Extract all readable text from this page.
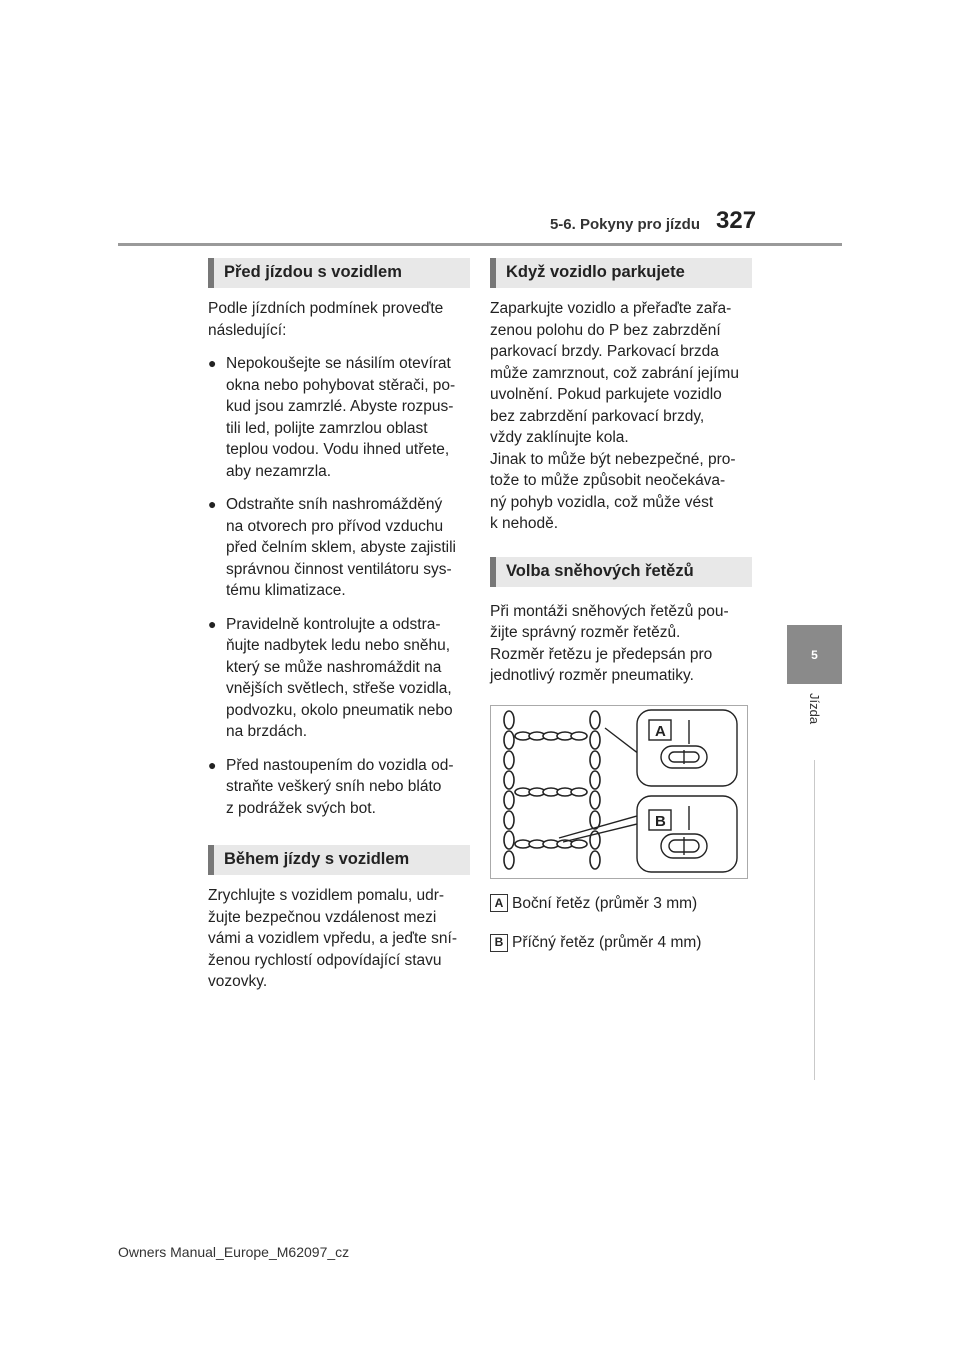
5-6. Pokyny pro jízdu 327
5
Jízda
Před jízdou s vozidlem

Podle jízdních podmínek proveďte
následující:

● Nepokoušejte se násilím otevírat
okna nebo pohybovat stěrači, po-
kud jsou zamrzlé. Abyste rozpus-
tili led, polijte zamrzlou oblast
teplou vodou. Vodu ihned utřete,
aby nezamrzla.
● Odstraňte sníh nashromážděný
na otvorech pro přívod vzduchu
před čelním sklem, abyste zajistili
správnou činnost ventilátoru sys-
tému klimatizace.
● Pravidelně kontrolujte a odstra-
ňujte nadbytek ledu nebo sněhu,
který se může nashromáždit na
vnějších světlech, střeše vozidla,
podvozku, okolo pneumatik nebo
na brzdách.
● Před nastoupením do vozidla od-
straňte veškerý sníh nebo bláto
z podrážek svých bot.
Během jízdy s vozidlem

Zrychlujte s vozidlem pomalu, udr-
žujte bezpečnou vzdálenost mezi
vámi a vozidlem vpředu, a jeďte sní-
ženou rychlostí odpovídající stavu
vozovky.

Když vozidlo parkujete

Zaparkujte vozidlo a přeřaďte zařa-
zenou polohu do P bez zabrzdění
parkovací brzdy. Parkovací brzda
může zamrznout, což zabrání jejímu
uvolnění. Pokud parkujete vozidlo
bez zabrzdění parkovací brzdy,
vždy zaklínujte kola.
Jinak to může být nebezpečné, pro-
tože to může způsobit neočekáva-
ný pohyb vozidla, což může vést
k nehodě.

Volba sněhových řetězů

Při montáži sněhových řetězů pou-
žijte správný rozměr řetězů.
Rozměr řetězu je předepsán pro
jednotlivý rozměr pneumatiky.

A
B
A Boční řetěz (průměr 3 mm)
B Příčný řetěz (průměr 4 mm)
Owners Manual_Europe_M62097_cz
